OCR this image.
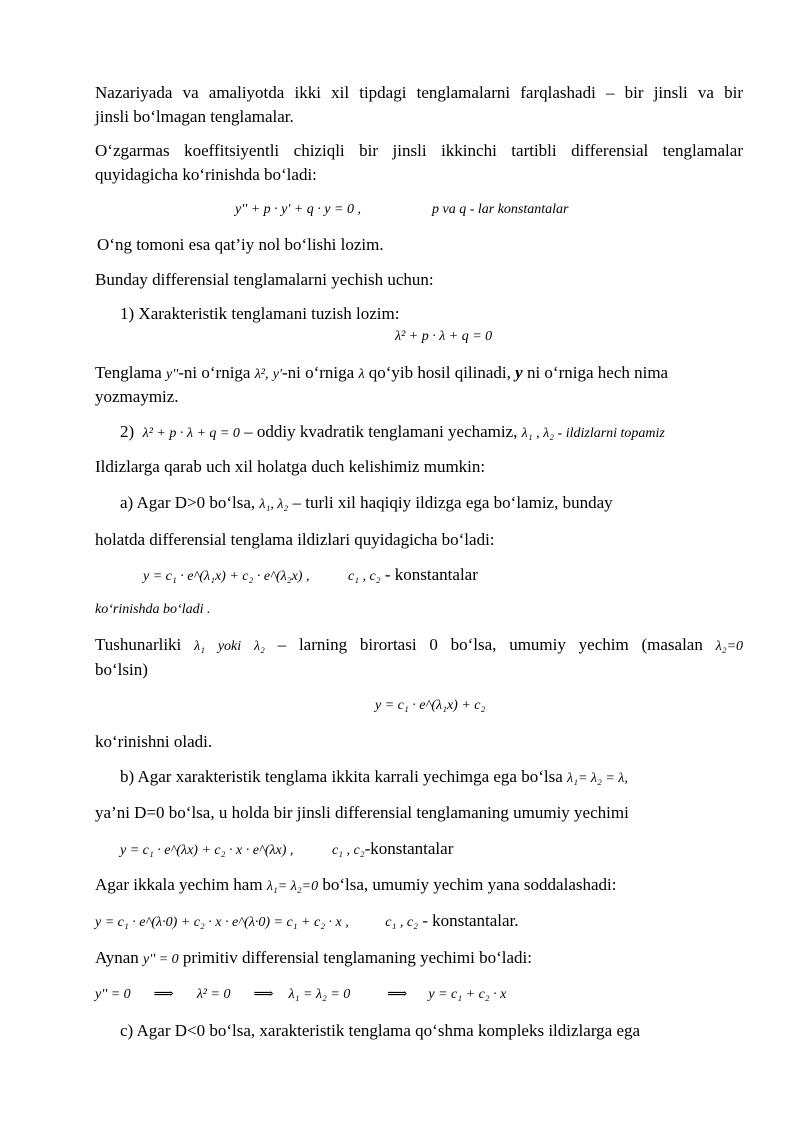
Nazariyada va amaliyotda ikki xil tipdagi tenglamalarni farqlashadi – bir jinsli va bir
jinsli bo‘lmagan tenglamalar.
O‘zgarmas koeffitsiyentli chiziqli bir jinsli ikkinchi tartibli differensial tenglamalar
quyidagicha ko‘rinishda bo‘ladi:
y'' + p · y' + q · y = 0 ,	p va q - lar konstantalar
O‘ng tomoni esa qat’iy nol bo‘lishi lozim.
Bunday differensial tenglamalarni yechish uchun:
1) Xarakteristik tenglamani tuzish lozim:
λ² + p · λ + q = 0
Tenglama y''-ni o‘rniga λ², y'-ni o‘rniga λ qo‘yib hosil qilinadi, y ni o‘rniga hech nima
yozmaymiz.
2) λ² + p · λ + q = 0 – oddiy kvadratik tenglamani yechamiz, λ₁ , λ₂ - ildizlarni topamiz
Ildizlarga qarab uch xil holatga duch kelishimiz mumkin:
a) Agar D>0 bo‘lsa, λ₁, λ₂ – turli xil haqiqiy ildizga ega bo‘lamiz, bunday
holatda differensial tenglama ildizlari quyidagicha bo‘ladi:
y = c₁ · e^(λ₁x) + c₂ · e^(λ₂x) ,	c₁ , c₂ - konstantalar
ko‘rinishda bo‘ladi .
Tushunarliki λ₁ yoki λ₂ – larning birortasi 0 bo‘lsa, umumiy yechim (masalan λ₂=0
bo‘lsin)
y = c₁ · e^(λ₁x) + c₂
ko‘rinishni oladi.
b) Agar xarakteristik tenglama ikkita karrali yechimga ega bo‘lsa λ₁= λ₂ = λ,
ya’ni D=0 bo‘lsa, u holda bir jinsli differensial tenglamaning umumiy yechimi
y = c₁ · e^(λx) + c₂ · x · e^(λx) ,	c₁ , c₂-konstantalar
Agar ikkala yechim ham λ₁= λ₂=0 bo‘lsa, umumiy yechim yana soddalashadi:
y = c₁ · e^(λ·0) + c₂ · x · e^(λ·0) = c₁ + c₂ · x ,	c₁ , c₂ - konstantalar.
Aynan y'' = 0 primitiv differensial tenglamaning yechimi bo‘ladi:
y'' = 0 ⟹ λ² = 0 ⟹ λ₁ = λ₂ = 0	⟹ y = c₁ + c₂ · x
c) Agar D<0 bo‘lsa, xarakteristik tenglama qo‘shma kompleks ildizlarga ega
